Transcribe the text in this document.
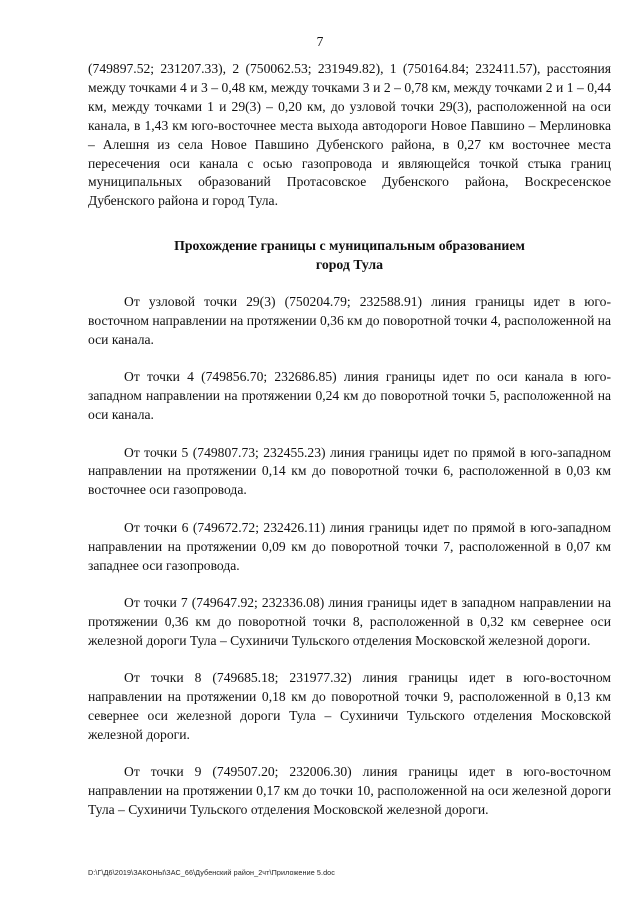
7

(749897.52; 231207.33), 2 (750062.53; 231949.82), 1 (750164.84; 232411.57), расстояния между точками 4 и 3 – 0,48 км, между точками 3 и 2 – 0,78 км, между точками 2 и 1 – 0,44 км, между точками 1 и 29(3) – 0,20 км, до узловой точки 29(3), расположенной на оси канала, в 1,43 км юго-восточнее места выхода автодороги Новое Павшино – Мерлиновка – Алешня из села Новое Павшино Дубенского района, в 0,27 км восточнее места пересечения оси канала с осью газопровода и являющейся точкой стыка границ муниципальных образований Протасовское Дубенского района, Воскресенское Дубенского района и город Тула.

Прохождение границы с муниципальным образованием
город Тула

От узловой точки 29(3) (750204.79; 232588.91) линия границы идет в юго-восточном направлении на протяжении 0,36 км до поворотной точки 4, расположенной на оси канала.

От точки 4 (749856.70; 232686.85) линия границы идет по оси канала в юго-западном направлении на протяжении 0,24 км до поворотной точки 5, расположенной на оси канала.

От точки 5 (749807.73; 232455.23) линия границы идет по прямой в юго-западном направлении на протяжении 0,14 км до поворотной точки 6, расположенной в 0,03 км восточнее оси газопровода.

От точки 6 (749672.72; 232426.11) линия границы идет по прямой в юго-западном направлении на протяжении 0,09 км до поворотной точки 7, расположенной в 0,07 км западнее оси газопровода.

От точки 7 (749647.92; 232336.08) линия границы идет в западном направлении на протяжении 0,36 км до поворотной точки 8, расположенной в 0,32 км севернее оси железной дороги Тула – Сухиничи Тульского отделения Московской железной дороги.

От точки 8 (749685.18; 231977.32) линия границы идет в юго-восточном направлении на протяжении 0,18 км до поворотной точки 9, расположенной в 0,13 км севернее оси железной дороги Тула – Сухиничи Тульского отделения Московской железной дороги.

От точки 9 (749507.20; 232006.30) линия границы идет в юго-восточном направлении на протяжении 0,17 км до точки 10, расположенной на оси железной дороги Тула – Сухиничи Тульского отделения Московской железной дороги.

D:\Г\Д6\2019\ЗАКОНЫ\ЗАС_66\Дубенский район_2чт\Приложение 5.doc
